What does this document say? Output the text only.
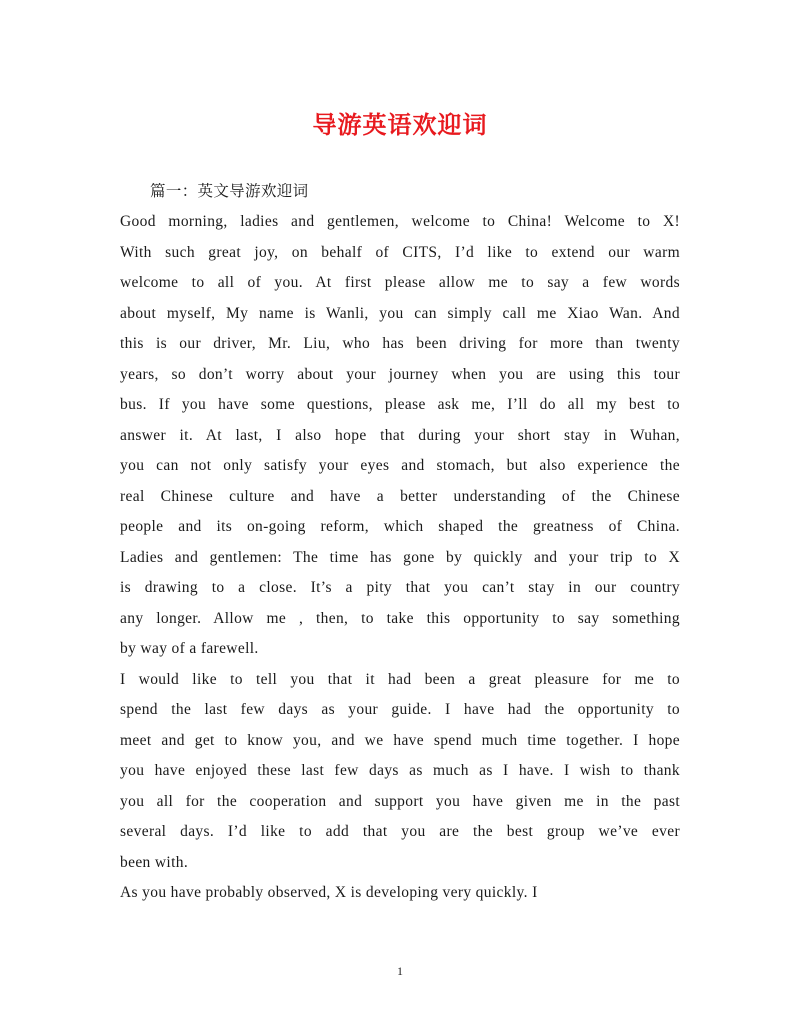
导游英语欢迎词
篇一：英文导游欢迎词
Good morning, ladies and gentlemen, welcome to China! Welcome to X!
With such great joy, on behalf of CITS, I’d like to extend our warm
welcome to all of you. At first please allow me to say a few words
about myself, My name is Wanli, you can simply call me Xiao Wan. And
this is our driver, Mr. Liu, who has been driving for more than twenty
years, so don’t worry about your journey when you are using this tour
bus. If you have some questions, please ask me, I’ll do all my best to
answer it. At last, I also hope that during your short stay in Wuhan,
you can not only satisfy your eyes and stomach, but also experience the
real Chinese culture and have a better understanding of the Chinese
people and its on-going reform, which shaped the greatness of China.
Ladies and gentlemen: The time has gone by quickly and your trip to X
is drawing to a close. It’s a pity that you can’t stay in our country
any longer. Allow me , then, to take this opportunity to say something
by way of a farewell.
I would like to tell you that it had been a great pleasure for me to
spend the last few days as your guide. I have had the opportunity to
meet and get to know you, and we have spend much time together. I hope
you have enjoyed these last few days as much as I have. I wish to thank
you all for the cooperation and support you have given me in the past
several days. I’d like to add that you are the best group we’ve ever
been with.
As you have probably observed, X is developing very quickly. I
1
